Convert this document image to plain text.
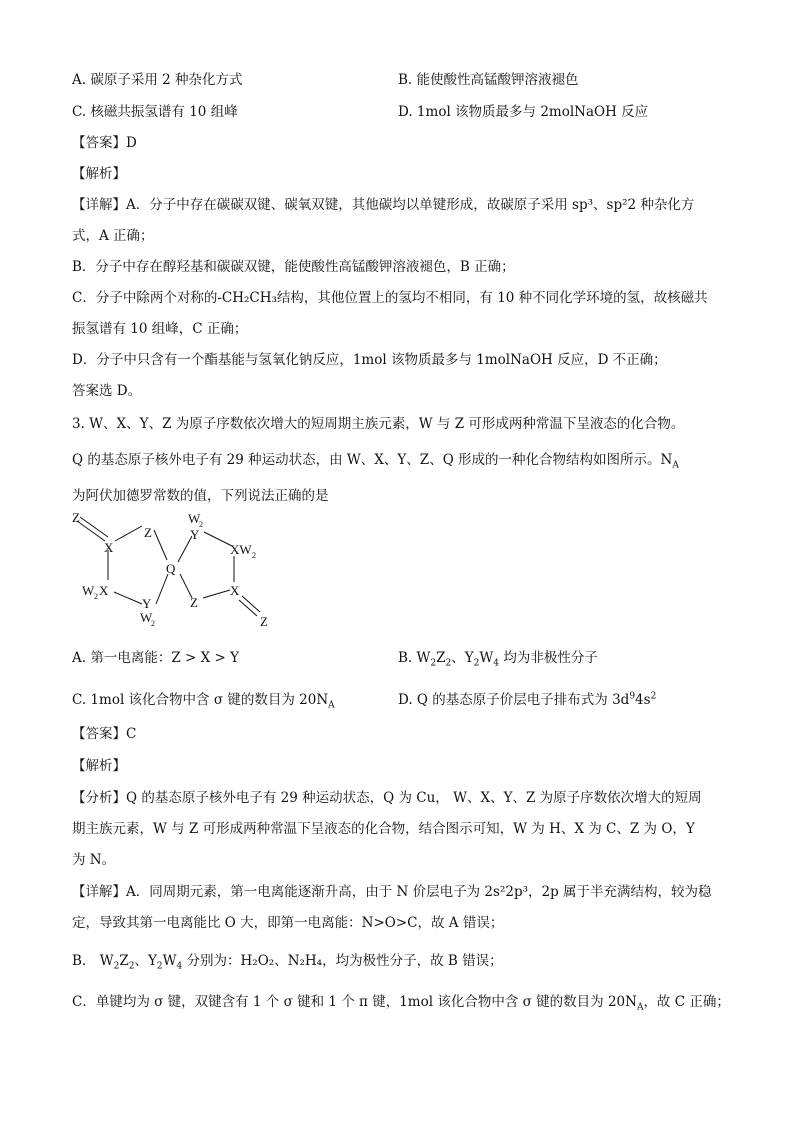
A. 碳原子采用 2 种杂化方式	B. 能使酸性高锰酸钾溶液褪色
C. 核磁共振氢谱有 10 组峰	D. 1mol 该物质最多与 2molNaOH 反应
【答案】D
【解析】
【详解】A．分子中存在碳碳双键、碳氧双键，其他碳均以单键形成，故碳原子采用 sp³、sp²2 种杂化方
式，A 正确；
B．分子中存在醇羟基和碳碳双键，能使酸性高锰酸钾溶液褪色，B 正确；
C．分子中除两个对称的-CH₂CH₃结构，其他位置上的氢均不相同，有 10 种不同化学环境的氢，故核磁共
振氢谱有 10 组峰，C 正确；
D．分子中只含有一个酯基能与氢氧化钠反应，1mol 该物质最多与 1molNaOH 反应，D 不正确；
答案选 D。
3. W、X、Y、Z 为原子序数依次增大的短周期主族元素，W 与 Z 可形成两种常温下呈液态的化合物。
Q 的基态原子核外电子有 29 种运动状态，由 W、X、Y、Z、Q 形成的一种化合物结构如图所示。$N_A$
为阿伏加德罗常数的值，下列说法正确的是
Z
X
Z
Q
W
2
Y
XW 2
W 2 X
Y
W
2
Z
X
Z
A. 第一电离能：Z > X > Y	B. $W_2Z_2$、$Y_2W_4$ 均为非极性分子
C. 1mol 该化合物中含 σ 键的数目为 $20N_A$	D. Q 的基态原子价层电子排布式为 $3d^94s^2$
【答案】C
【解析】
【分析】Q 的基态原子核外电子有 29 种运动状态，Q 为 Cu， W、X、Y、Z 为原子序数依次增大的短周
期主族元素，W 与 Z 可形成两种常温下呈液态的化合物，结合图示可知，W 为 H、X 为 C、Z 为 O，Y
为 N。
【详解】A．同周期元素，第一电离能逐渐升高，由于 N 价层电子为 2s²2p³，2p 属于半充满结构，较为稳
定，导致其第一电离能比 O 大，即第一电离能：N>O>C，故 A 错误；
B． $W_2Z_2$、$Y_2W_4$ 分别为：H₂O₂、N₂H₄，均为极性分子，故 B 错误；
C．单键均为 σ 键，双键含有 1 个 σ 键和 1 个 π 键，1mol 该化合物中含 σ 键的数目为 $20N_A$，故 C 正确；
